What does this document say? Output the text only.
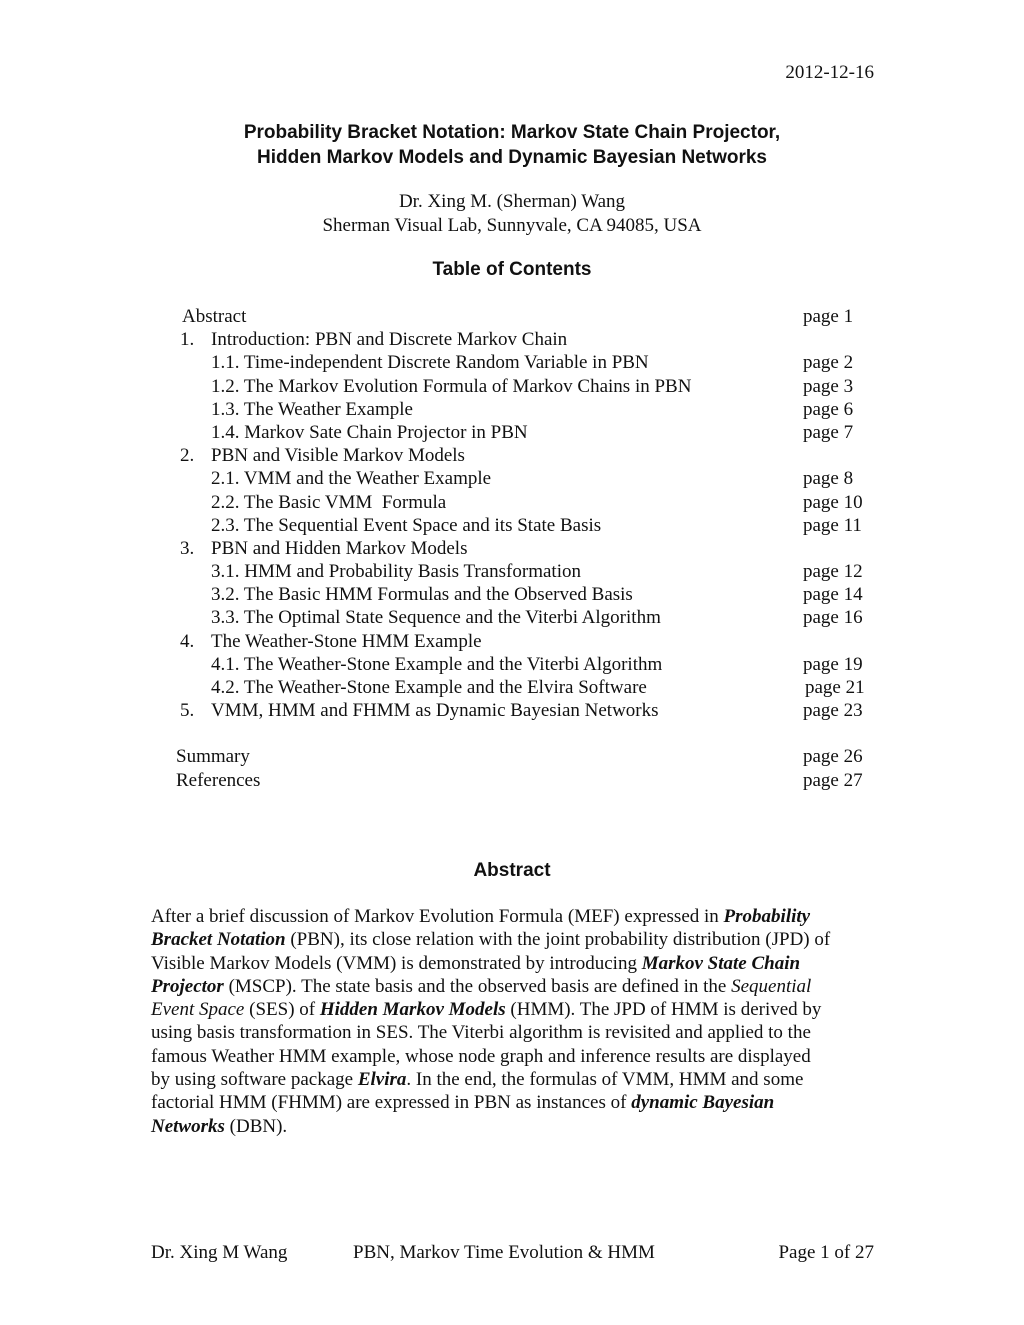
2012-12-16
Probability Bracket Notation: Markov State Chain Projector,
Hidden Markov Models and Dynamic Bayesian Networks
Dr. Xing M. (Sherman) Wang
Sherman Visual Lab, Sunnyvale, CA 94085, USA
Table of Contents
Abstract	page 1
1. Introduction: PBN and Discrete Markov Chain
1.1. Time-independent Discrete Random Variable in PBN	page 2
1.2. The Markov Evolution Formula of Markov Chains in PBN	page 3
1.3. The Weather Example	page 6
1.4. Markov Sate Chain Projector in PBN	page 7
2. PBN and Visible Markov Models
2.1. VMM and the Weather Example	page 8
2.2. The Basic VMM  Formula	page 10
2.3. The Sequential Event Space and its State Basis	page 11
3. PBN and Hidden Markov Models
3.1. HMM and Probability Basis Transformation	page 12
3.2. The Basic HMM Formulas and the Observed Basis	page 14
3.3. The Optimal State Sequence and the Viterbi Algorithm	page 16
4. The Weather-Stone HMM Example
4.1. The Weather-Stone Example and the Viterbi Algorithm	page 19
4.2. The Weather-Stone Example and the Elvira Software	page 21
5. VMM, HMM and FHMM as Dynamic Bayesian Networks	page 23
Summary	page 26
References	page 27
Abstract
After a brief discussion of Markov Evolution Formula (MEF) expressed in Probability
Bracket Notation (PBN), its close relation with the joint probability distribution (JPD) of
Visible Markov Models (VMM) is demonstrated by introducing Markov State Chain
Projector (MSCP). The state basis and the observed basis are defined in the Sequential
Event Space (SES) of Hidden Markov Models (HMM). The JPD of HMM is derived by
using basis transformation in SES. The Viterbi algorithm is revisited and applied to the
famous Weather HMM example, whose node graph and inference results are displayed
by using software package Elvira. In the end, the formulas of VMM, HMM and some
factorial HMM (FHMM) are expressed in PBN as instances of dynamic Bayesian
Networks (DBN).
Dr. Xing M Wang	PBN, Markov Time Evolution & HMM	Page 1 of 27
